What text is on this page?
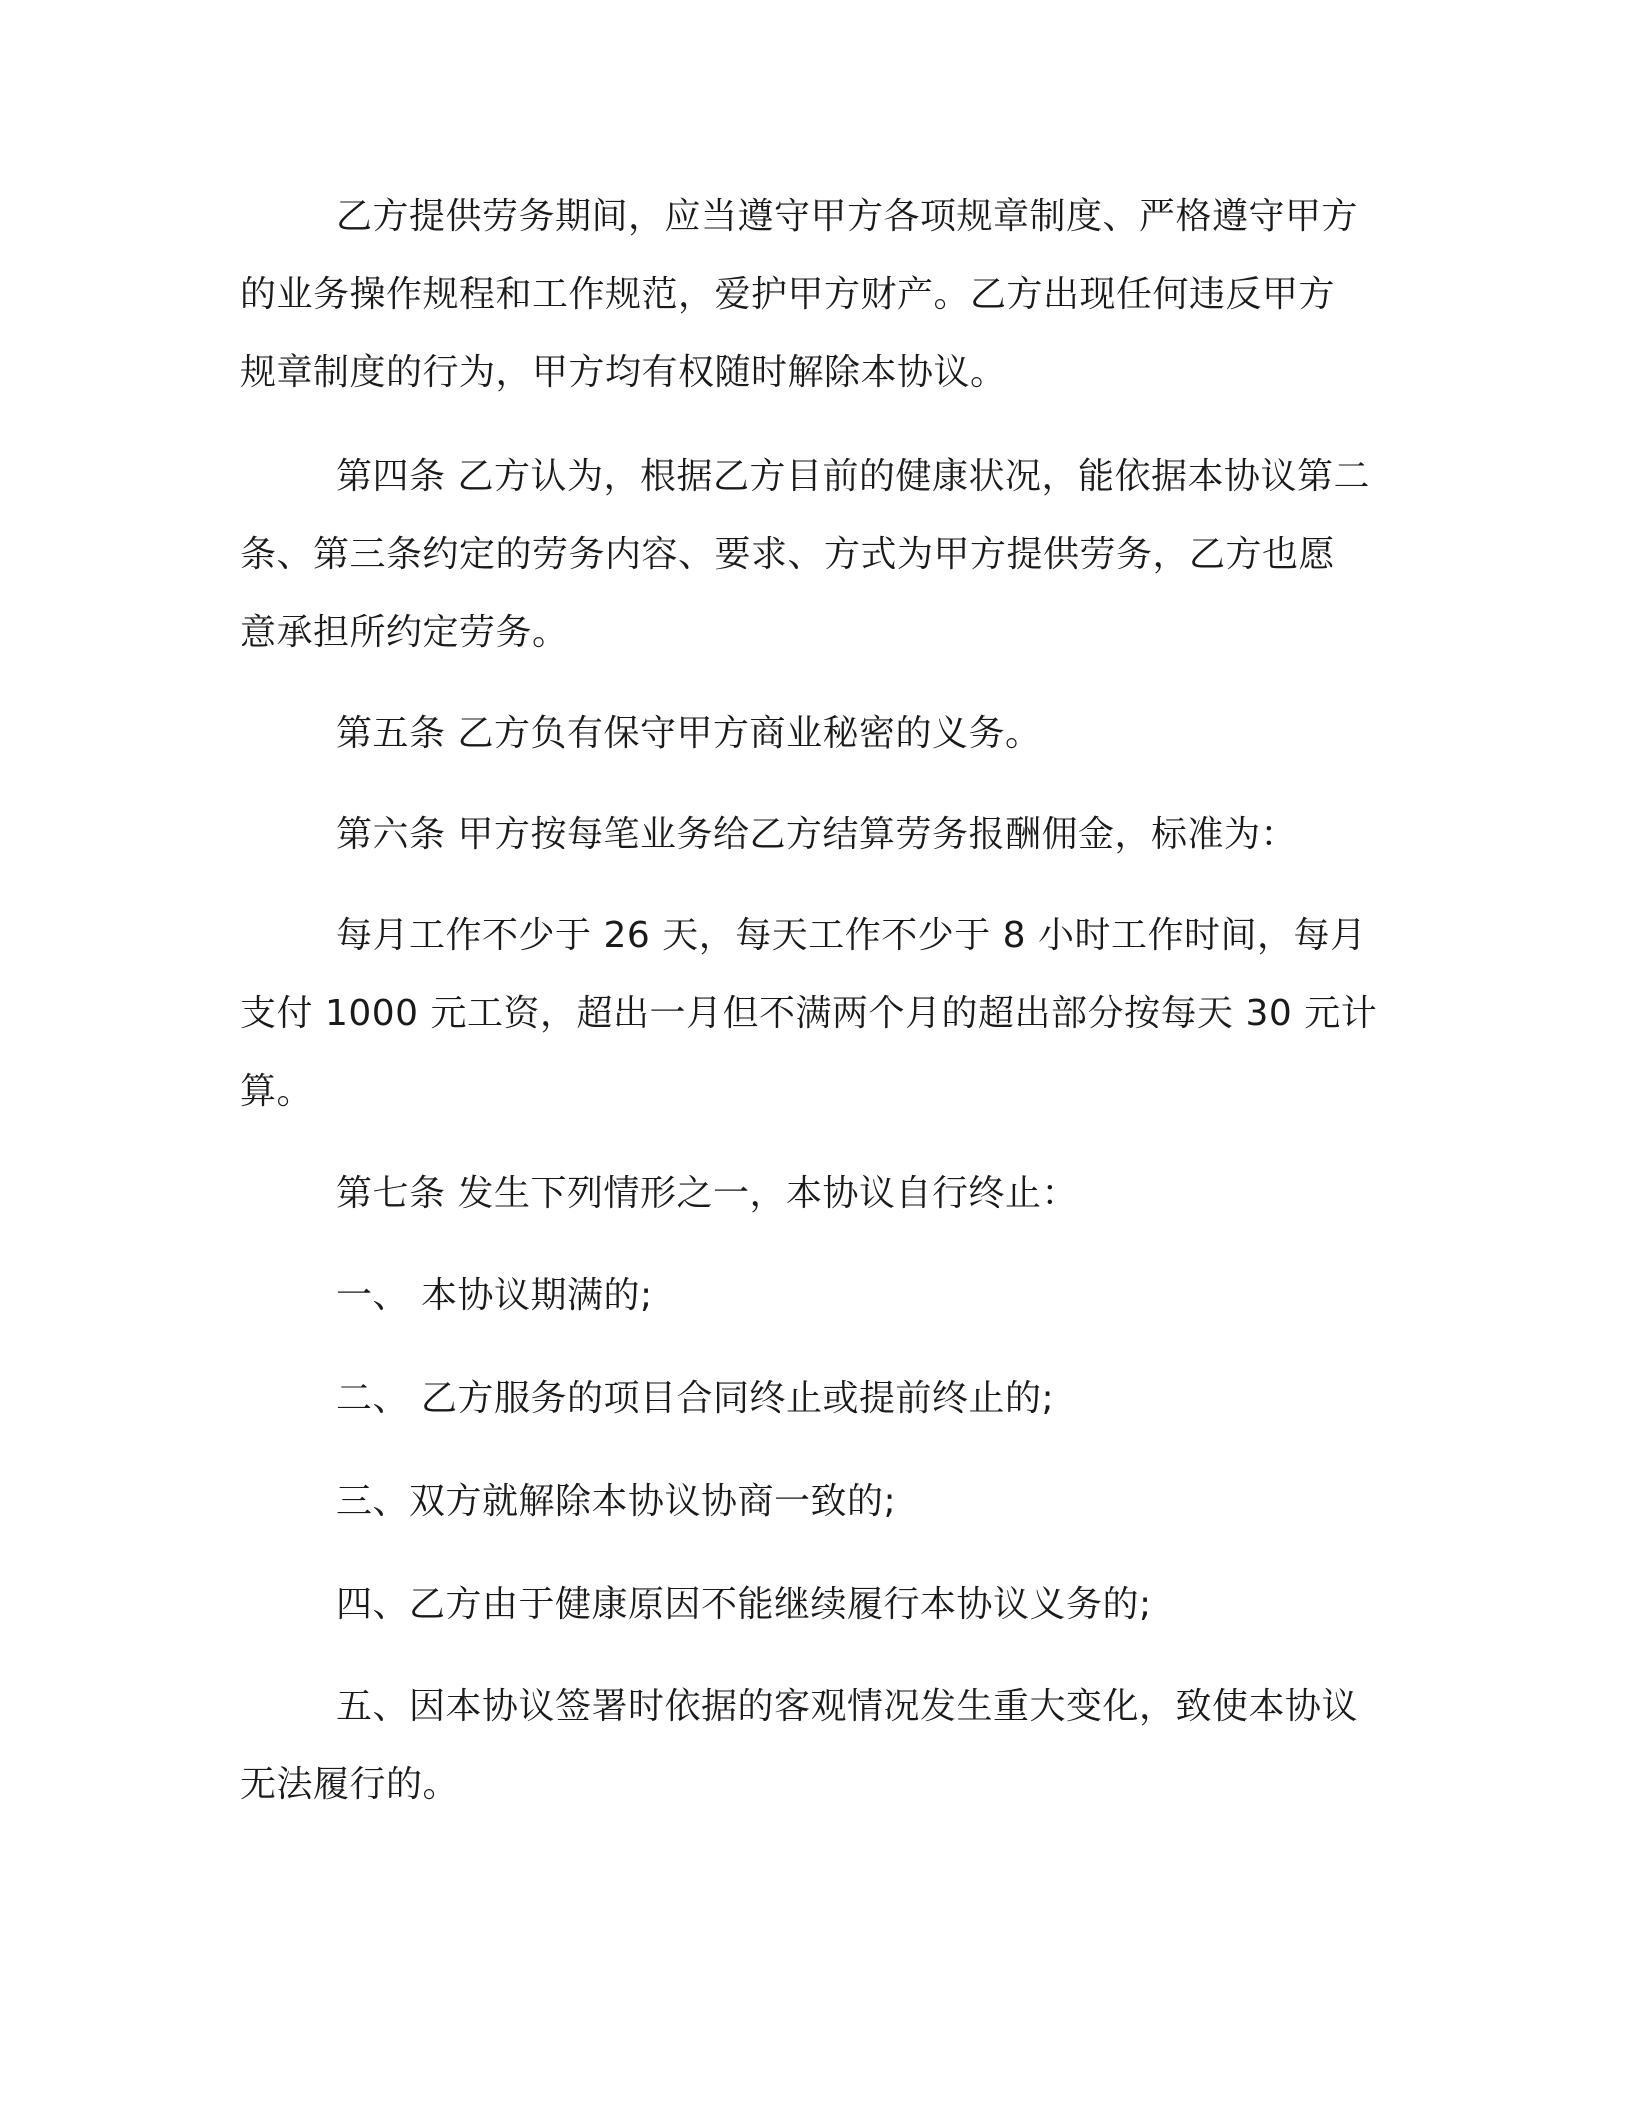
乙方提供劳务期间，应当遵守甲方各项规章制度、严格遵守甲方
的业务操作规程和工作规范，爱护甲方财产。乙方出现任何违反甲方
规章制度的行为，甲方均有权随时解除本协议。

第四条 乙方认为，根据乙方目前的健康状况，能依据本协议第二
条、第三条约定的劳务内容、要求、方式为甲方提供劳务，乙方也愿
意承担所约定劳务。

第五条 乙方负有保守甲方商业秘密的义务。

第六条 甲方按每笔业务给乙方结算劳务报酬佣金，标准为：

每月工作不少于 26 天，每天工作不少于 8 小时工作时间，每月
支付 1000 元工资，超出一月但不满两个月的超出部分按每天 30 元计
算。

第七条 发生下列情形之一，本协议自行终止：

一、 本协议期满的;

二、 乙方服务的项目合同终止或提前终止的;

三、双方就解除本协议协商一致的;

四、乙方由于健康原因不能继续履行本协议义务的;

五、因本协议签署时依据的客观情况发生重大变化，致使本协议
无法履行的。
